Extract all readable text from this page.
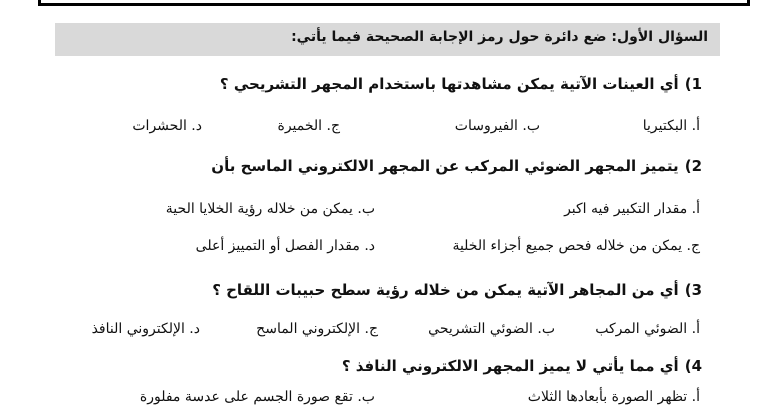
السؤال الأول: ضع دائرة حول رمز الإجابة الصحيحة فيما يأتي:
1)أي العينات الآتية يمكن مشاهدتها باستخدام المجهر التشريحي ؟
أ. البكتيريا
ب. الفيروسات
ج. الخميرة
د. الحشرات
2)يتميز المجهر الضوئي المركب عن المجهر الالكتروني الماسح بأن
أ. مقدار التكبير فيه اكبر
ب. يمكن من خلاله رؤية الخلايا الحية
ج. يمكن من خلاله فحص جميع أجزاء الخلية
د. مقدار الفصل أو التمييز أعلى
3)أي من المجاهر الآتية يمكن من خلاله رؤية سطح حبيبات اللقاح ؟
أ. الضوئي المركب
ب. الضوئي التشريحي
ج. الإلكتروني الماسح
د. الإلكتروني النافذ
4)أي مما يأتي لا يميز المجهر الالكتروني النافذ ؟
أ. تظهر الصورة بأبعادها الثلاث
ب. تقع صورة الجسم على عدسة مفلورة
